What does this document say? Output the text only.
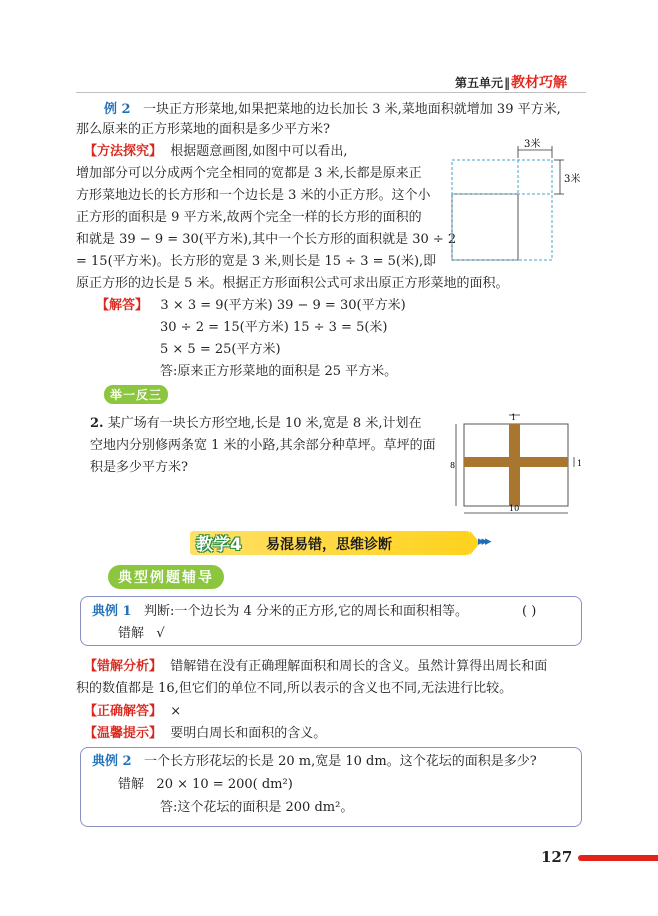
第五单元‖教材巧解
例 2 一块正方形菜地,如果把菜地的边长加长 3 米,菜地面积就增加 39 平方米,
那么原来的正方形菜地的面积是多少平方米?
【方法探究】 根据题意画图,如图中可以看出,
增加部分可以分成两个完全相同的宽都是 3 米,长都是原来正
方形菜地边长的长方形和一个边长是 3 米的小正方形。这个小
正方形的面积是 9 平方米,故两个完全一样的长方形的面积的
和就是 39 − 9 = 30(平方米),其中一个长方形的面积就是 30 ÷ 2
= 15(平方米)。长方形的宽是 3 米,则长是 15 ÷ 3 = 5(米),即
原正方形的边长是 5 米。根据正方形面积公式可求出原正方形菜地的面积。
3米
3米
【解答】 3 × 3 = 9(平方米) 39 − 9 = 30(平方米)
30 ÷ 2 = 15(平方米) 15 ÷ 3 = 5(米)
5 × 5 = 25(平方米)
答:原来正方形菜地的面积是 25 平方米。
举一反三
2. 某广场有一块长方形空地,长是 10 米,宽是 8 米,计划在
空地内分别修两条宽 1 米的小路,其余部分种草坪。草坪的面
积是多少平方米?
1
8	1
10
教学4 易混易错，思维诊断	▸▸▸
典型例题辅导
典例 1 判断:一个边长为 4 分米的正方形,它的周长和面积相等。	( )
错解 √
【错解分析】 错解错在没有正确理解面积和周长的含义。虽然计算得出周长和面
积的数值都是 16,但它们的单位不同,所以表示的含义也不同,无法进行比较。
【正确解答】 ×
【温馨提示】 要明白周长和面积的含义。
典例 2 一个长方形花坛的长是 20 m,宽是 10 dm。这个花坛的面积是多少?
错解 20 × 10 = 200( dm²)
答:这个花坛的面积是 200 dm²。
127
